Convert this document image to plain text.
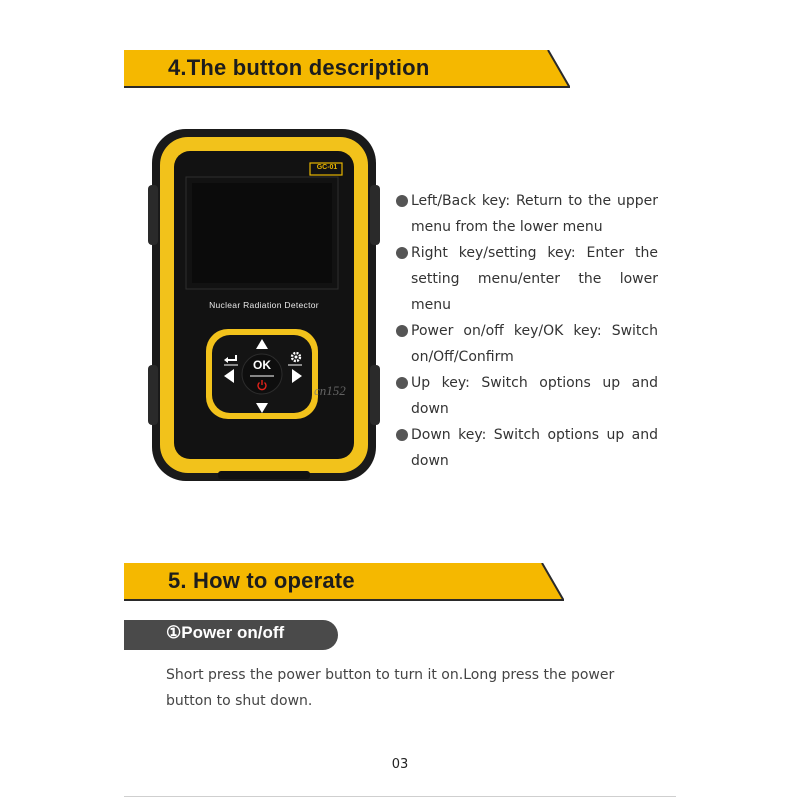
4.The button description
GC-01
Nuclear Radiation Detector
OK
cn152
Left/Back key: Return to the upper menu from the lower menu
Right key/setting key: Enter the setting menu/enter the lower menu
Power on/off key/OK key: Switch on/Off/Confirm
Up key: Switch options up and down
Down key: Switch options up and down
5. How to operate
①Power on/off
Short press the power button to turn it on.Long press the power button to shut down.
03
